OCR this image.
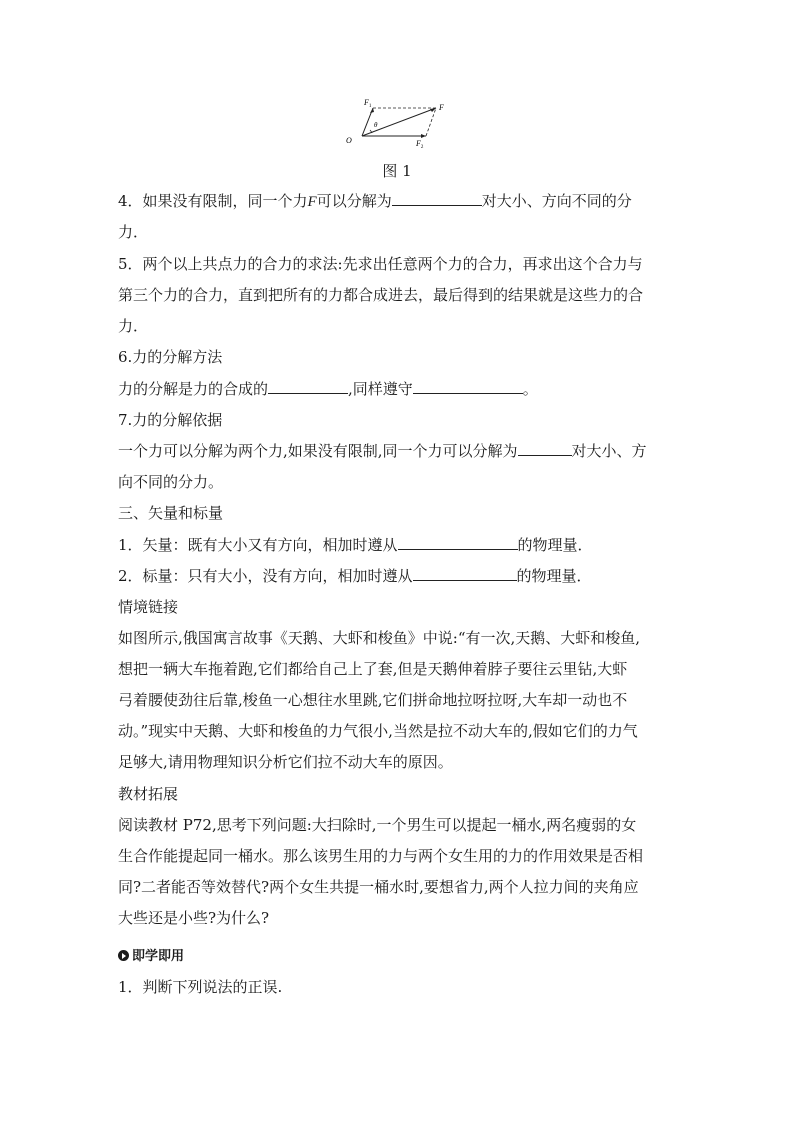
$F_1$	F
θ
O	$F_2$
图 1
4．如果没有限制，同一个力F可以分解为	对大小、方向不同的分
力．
5．两个以上共点力的合力的求法:先求出任意两个力的合力，再求出这个合力与
第三个力的合力，直到把所有的力都合成进去，最后得到的结果就是这些力的合
力．
6.力的分解方法
力的分解是力的合成的	,同样遵守	。
7.力的分解依据
一个力可以分解为两个力,如果没有限制,同一个力可以分解为	对大小、方
向不同的分力。
三、矢量和标量
1．矢量：既有大小又有方向，相加时遵从	的物理量．
2．标量：只有大小，没有方向，相加时遵从	的物理量．
情境链接
如图所示,俄国寓言故事《天鹅、大虾和梭鱼》中说:“有一次,天鹅、大虾和梭鱼,
想把一辆大车拖着跑,它们都给自己上了套,但是天鹅伸着脖子要往云里钻,大虾
弓着腰使劲往后靠,梭鱼一心想往水里跳,它们拼命地拉呀拉呀,大车却一动也不
动。”现实中天鹅、大虾和梭鱼的力气很小,当然是拉不动大车的,假如它们的力气
足够大,请用物理知识分析它们拉不动大车的原因。
教材拓展
阅读教材 P72,思考下列问题:大扫除时,一个男生可以提起一桶水,两名瘦弱的女
生合作能提起同一桶水。那么该男生用的力与两个女生用的力的作用效果是否相
同?二者能否等效替代?两个女生共提一桶水时,要想省力,两个人拉力间的夹角应
大些还是小些?为什么?
即学即用
1．判断下列说法的正误.
